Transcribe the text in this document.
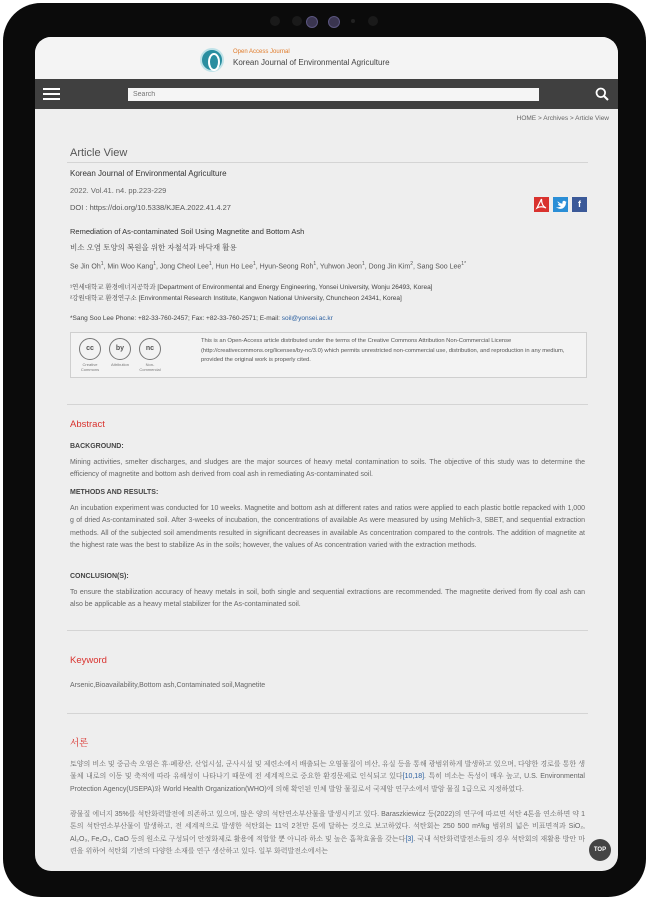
Open Access Journal
Korean Journal of Environmental Agriculture
Search
HOME > Archives > Article View
Article View
Korean Journal of Environmental Agriculture
2022. Vol.41. n4. pp.223-229
DOI : https://doi.org/10.5338/KJEA.2022.41.4.27	f
Remediation of As-contaminated Soil Using Magnetite and Bottom Ash
비소 오염 토양의 복원을 위한 자철석과 바닥재 활용
Se Jin Oh$^1$, Min Woo Kang$^1$, Jong Cheol Lee$^1$, Hun Ho Lee$^1$, Hyun-Seong Roh$^1$, Yuhwon Jeon$^1$, Dong Jin Kim$^2$, Sang Soo Lee$^{1*}$
¹연세대학교 환경에너지공학과 [Department of Environmental and Energy Engineering, Yonsei University, Wonju 26493, Korea]
²강원대학교 환경연구소 [Environmental Research Institute, Kangwon National University, Chuncheon 24341, Korea]
*Sang Soo Lee Phone: +82-33-760-2457; Fax: +82-33-760-2571; E-mail: soil@yonsei.ac.kr
cc
Creative Commons
by
Attribution
nc
Non-Commercial
This is an Open-Access article distributed under the terms of the Creative Commons Attribution Non-Commercial License (http://creativecommons.org/licenses/by-nc/3.0) which permits unrestricted non-commercial use, distribution, and reproduction in any medium, provided the original work is properly cited.
Abstract
BACKGROUND:
Mining activities, smelter discharges, and sludges are the major sources of heavy metal contamination to soils. The objective of this study was to determine the efficiency of magnetite and bottom ash derived from coal ash in remediating As-contaminated soil.
METHODS AND RESULTS:
An incubation experiment was conducted for 10 weeks. Magnetite and bottom ash at different rates and ratios were applied to each plastic bottle repacked with 1,000 g of dried As-contaminated soil. After 3-weeks of incubation, the concentrations of available As were measured by using Mehlich-3, SBET, and sequential extraction methods. All of the subjected soil amendments resulted in significant decreases in available As concentration compared to the controls. The addition of magnetite at the highest rate was the best to stabilize As in the soils; however, the values of As concentration varied with the extraction methods.
CONCLUSION(S):
To ensure the stabilization accuracy of heavy metals in soil, both single and sequential extractions are recommended. The magnetite derived from fly coal ash can also be applicable as a heavy metal stabilizer for the As-contaminated soil.
Keyword
Arsenic,Bioavailability,Bottom ash,Contaminated soil,Magnetite
서론
토양의 비소 및 중금속 오염은 휴·폐광산, 산업시설, 군사시설 및 제련소에서 배출되는 오염물질이 비산, 유실 등을 통해 광범위하게 발생하고 있으며, 다양한 경로를 통한 생물체 내로의 이동 및 축적에 따라 유해성이 나타나기 때문에 전 세계적으로 중요한 환경문제로 인식되고 있다[10,18]. 특히 비소는 독성이 매우 높고, U.S. Environmental Protection Agency(USEPA)와 World Health Organization(WHO)에 의해 확인된 인체 발암 물질로서 국제암 연구소에서 발암 물질 1급으로 지정하였다.
광물질 에너지 35%를 석탄화력발전에 의존하고 있으며, 많은 양의 석탄연소부산물을 발생시키고 있다. Baraszkiewicz 등(2022)의 연구에 따르면 석탄 4톤을 연소하면 약 1톤의 석탄연소부산물이 발생하고, 전 세계적으로 발생한 석탄회는 11억 2천만 톤에 달하는 것으로 보고하였다. 석탄회는 250 500 m²/kg 범위의 넓은 비표면적과 SiO₂, Al₂O₃, Fe₂O₃, CaO 등의 원소로 구성되어 안정화제로 활용에 적합할 뿐 아니라 하소 및 높은 흡착효율을 갖는다[3]. 국내 석탄화력발전소들의 경우 석탄회의 재활용 방안 마련을 위하여 석탄회 기반의 다양한 소재를 연구 생산하고 있다. 일부 화력발전소에서는	TOP
